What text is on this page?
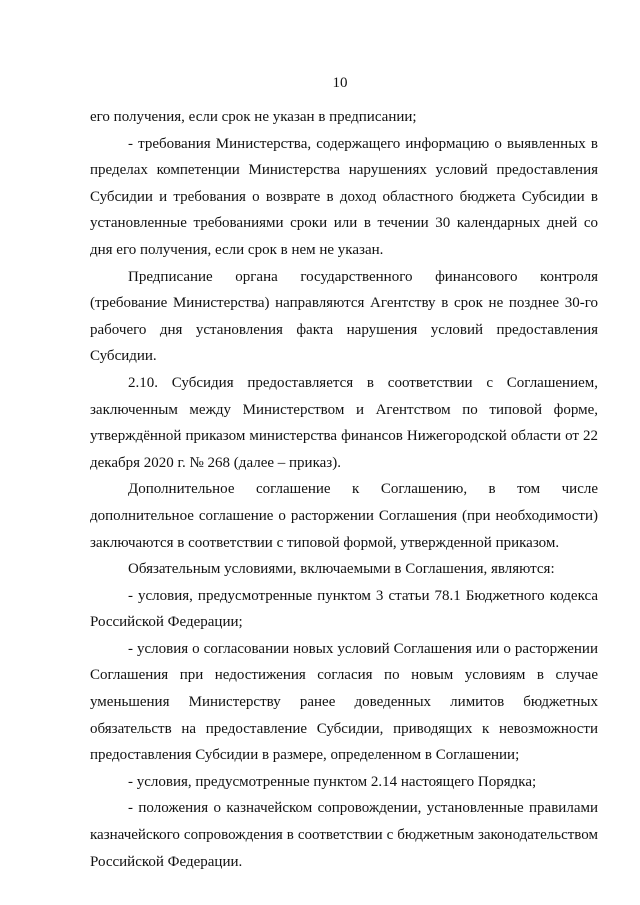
10

его получения, если срок не указан в предписании;

- требования Министерства, содержащего информацию о выявленных в пределах компетенции Министерства нарушениях условий предоставления Субсидии и требования о возврате в доход областного бюджета Субсидии в установленные требованиями сроки или в течении 30 календарных дней со дня его получения, если срок в нем не указан.

Предписание органа государственного финансового контроля (требование Министерства) направляются Агентству в срок не позднее 30-го рабочего дня установления факта нарушения условий предоставления Субсидии.

2.10. Субсидия предоставляется в соответствии с Соглашением, заключенным между Министерством и Агентством по типовой форме, утверждённой приказом министерства финансов Нижегородской области от 22 декабря 2020 г. № 268 (далее – приказ).

Дополнительное соглашение к Соглашению, в том числе дополнительное соглашение о расторжении Соглашения (при необходимости) заключаются в соответствии с типовой формой, утвержденной приказом.

Обязательным условиями, включаемыми в Соглашения, являются:

- условия, предусмотренные пунктом 3 статьи 78.1 Бюджетного кодекса Российской Федерации;

- условия о согласовании новых условий Соглашения или о расторжении Соглашения при недостижения согласия по новым условиям в случае уменьшения Министерству ранее доведенных лимитов бюджетных обязательств на предоставление Субсидии, приводящих к невозможности предоставления Субсидии в размере, определенном в Соглашении;

- условия, предусмотренные пунктом 2.14 настоящего Порядка;

- положения о казначейском сопровождении, установленные правилами казначейского сопровождения в соответствии с бюджетным законодательством Российской Федерации.
